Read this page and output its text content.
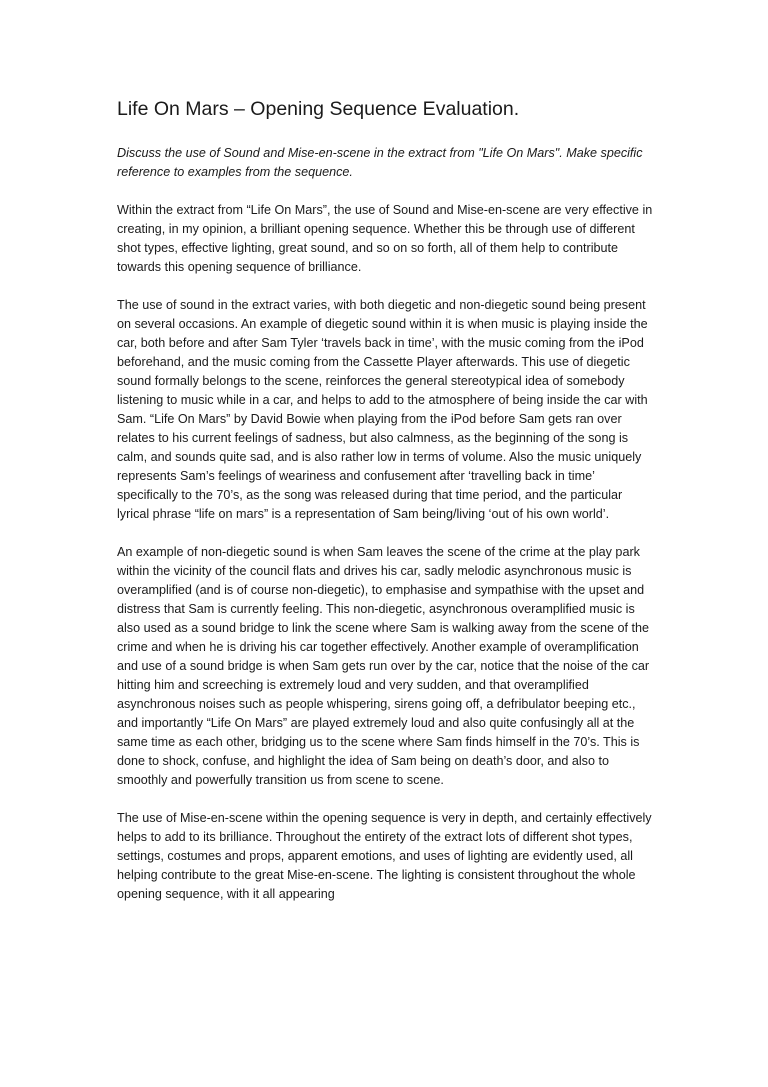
Life On Mars – Opening Sequence Evaluation.

Discuss the use of Sound and Mise-en-scene in the extract from "Life On Mars". Make specific reference to examples from the sequence.

Within the extract from “Life On Mars”, the use of Sound and Mise-en-scene are very effective in creating, in my opinion, a brilliant opening sequence. Whether this be through use of different shot types, effective lighting, great sound, and so on so forth, all of them help to contribute towards this opening sequence of brilliance.

The use of sound in the extract varies, with both diegetic and non-diegetic sound being present on several occasions. An example of diegetic sound within it is when music is playing inside the car, both before and after Sam Tyler ‘travels back in time’, with the music coming from the iPod beforehand, and the music coming from the Cassette Player afterwards. This use of diegetic sound formally belongs to the scene, reinforces the general stereotypical idea of somebody listening to music while in a car, and helps to add to the atmosphere of being inside the car with Sam. “Life On Mars” by David Bowie when playing from the iPod before Sam gets ran over relates to his current feelings of sadness, but also calmness, as the beginning of the song is calm, and sounds quite sad, and is also rather low in terms of volume. Also the music uniquely represents Sam’s feelings of weariness and confusement after ‘travelling back in time’ specifically to the 70’s, as the song was released during that time period, and the particular lyrical phrase “life on mars” is a representation of Sam being/living ‘out of his own world’.

An example of non-diegetic sound is when Sam leaves the scene of the crime at the play park within the vicinity of the council flats and drives his car, sadly melodic asynchronous music is overamplified (and is of course non-diegetic), to emphasise and sympathise with the upset and distress that Sam is currently feeling. This non-diegetic, asynchronous overamplified music is also used as a sound bridge to link the scene where Sam is walking away from the scene of the crime and when he is driving his car together effectively. Another example of overamplification and use of a sound bridge is when Sam gets run over by the car, notice that the noise of the car hitting him and screeching is extremely loud and very sudden, and that overamplified asynchronous noises such as people whispering, sirens going off, a defribulator beeping etc., and importantly “Life On Mars” are played extremely loud and also quite confusingly all at the same time as each other, bridging us to the scene where Sam finds himself in the 70’s. This is done to shock, confuse, and highlight the idea of Sam being on death’s door, and also to smoothly and powerfully transition us from scene to scene.

The use of Mise-en-scene within the opening sequence is very in depth, and certainly effectively helps to add to its brilliance. Throughout the entirety of the extract lots of different shot types, settings, costumes and props, apparent emotions, and uses of lighting are evidently used, all helping contribute to the great Mise-en-scene. The lighting is consistent throughout the whole opening sequence, with it all appearing
